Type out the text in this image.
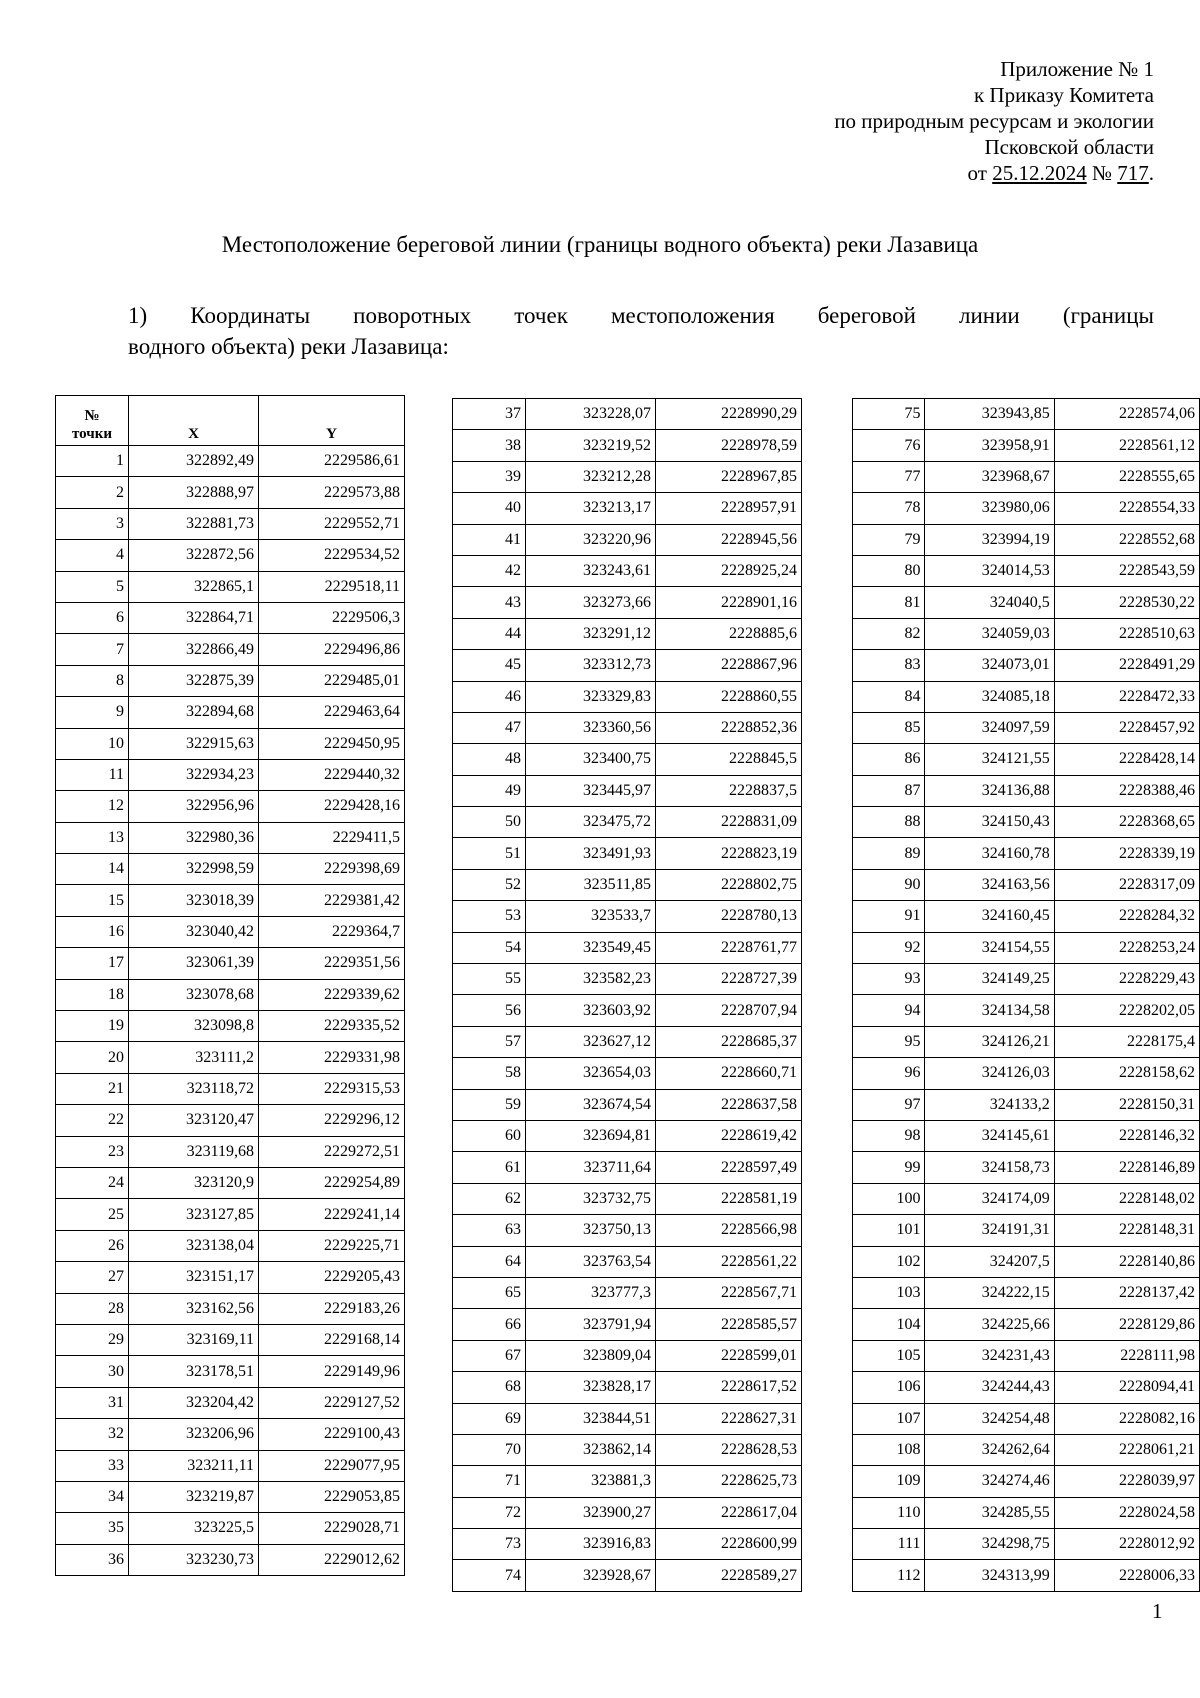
Приложение № 1
к Приказу Комитета
по природным ресурсам и экологии
Псковской области
от 25.12.2024 № 717.
Местоположение береговой линии (границы водного объекта) реки Лазавица
1) Координаты поворотных точек местоположения береговой линии (границы
водного объекта) реки Лазавица:
№
точки	X	Y
1	322892,49	2229586,61
2	322888,97	2229573,88
3	322881,73	2229552,71
4	322872,56	2229534,52
5	322865,1	2229518,11
6	322864,71	2229506,3
7	322866,49	2229496,86
8	322875,39	2229485,01
9	322894,68	2229463,64
10	322915,63	2229450,95
11	322934,23	2229440,32
12	322956,96	2229428,16
13	322980,36	2229411,5
14	322998,59	2229398,69
15	323018,39	2229381,42
16	323040,42	2229364,7
17	323061,39	2229351,56
18	323078,68	2229339,62
19	323098,8	2229335,52
20	323111,2	2229331,98
21	323118,72	2229315,53
22	323120,47	2229296,12
23	323119,68	2229272,51
24	323120,9	2229254,89
25	323127,85	2229241,14
26	323138,04	2229225,71
27	323151,17	2229205,43
28	323162,56	2229183,26
29	323169,11	2229168,14
30	323178,51	2229149,96
31	323204,42	2229127,52
32	323206,96	2229100,43
33	323211,11	2229077,95
34	323219,87	2229053,85
35	323225,5	2229028,71
36	323230,73	2229012,62
37	323228,07	2228990,29
38	323219,52	2228978,59
39	323212,28	2228967,85
40	323213,17	2228957,91
41	323220,96	2228945,56
42	323243,61	2228925,24
43	323273,66	2228901,16
44	323291,12	2228885,6
45	323312,73	2228867,96
46	323329,83	2228860,55
47	323360,56	2228852,36
48	323400,75	2228845,5
49	323445,97	2228837,5
50	323475,72	2228831,09
51	323491,93	2228823,19
52	323511,85	2228802,75
53	323533,7	2228780,13
54	323549,45	2228761,77
55	323582,23	2228727,39
56	323603,92	2228707,94
57	323627,12	2228685,37
58	323654,03	2228660,71
59	323674,54	2228637,58
60	323694,81	2228619,42
61	323711,64	2228597,49
62	323732,75	2228581,19
63	323750,13	2228566,98
64	323763,54	2228561,22
65	323777,3	2228567,71
66	323791,94	2228585,57
67	323809,04	2228599,01
68	323828,17	2228617,52
69	323844,51	2228627,31
70	323862,14	2228628,53
71	323881,3	2228625,73
72	323900,27	2228617,04
73	323916,83	2228600,99
74	323928,67	2228589,27
75	323943,85	2228574,06
76	323958,91	2228561,12
77	323968,67	2228555,65
78	323980,06	2228554,33
79	323994,19	2228552,68
80	324014,53	2228543,59
81	324040,5	2228530,22
82	324059,03	2228510,63
83	324073,01	2228491,29
84	324085,18	2228472,33
85	324097,59	2228457,92
86	324121,55	2228428,14
87	324136,88	2228388,46
88	324150,43	2228368,65
89	324160,78	2228339,19
90	324163,56	2228317,09
91	324160,45	2228284,32
92	324154,55	2228253,24
93	324149,25	2228229,43
94	324134,58	2228202,05
95	324126,21	2228175,4
96	324126,03	2228158,62
97	324133,2	2228150,31
98	324145,61	2228146,32
99	324158,73	2228146,89
100	324174,09	2228148,02
101	324191,31	2228148,31
102	324207,5	2228140,86
103	324222,15	2228137,42
104	324225,66	2228129,86
105	324231,43	2228111,98
106	324244,43	2228094,41
107	324254,48	2228082,16
108	324262,64	2228061,21
109	324274,46	2228039,97
110	324285,55	2228024,58
111	324298,75	2228012,92
112	324313,99	2228006,33
1
